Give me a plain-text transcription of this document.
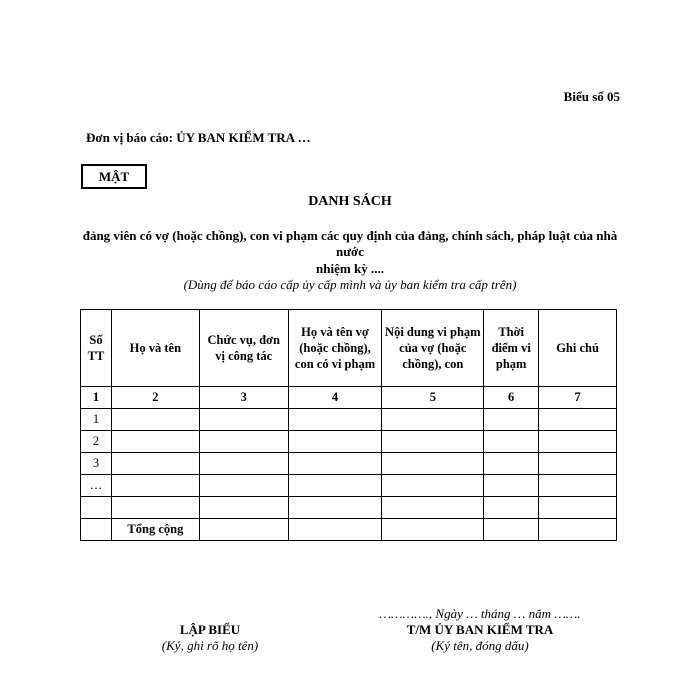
Biểu số 05
Đơn vị báo cáo: ỦY BAN KIỂM TRA …
MẬT
DANH SÁCH
đảng viên có vợ (hoặc chồng), con vi phạm các quy định của đảng, chính sách, pháp luật của nhà nước
nhiệm kỳ ....
(Dùng để báo cáo cấp ủy cấp mình và ủy ban kiểm tra cấp trên)
Số TT	Họ và tên	Chức vụ, đơn vị công tác	Họ và tên vợ (hoặc chồng), con có vi phạm	Nội dung vi phạm của vợ (hoặc chồng), con	Thời điểm vi phạm	Ghi chú
1	2	3	4	5	6	7
1						
2						
3						
…						

	Tổng cộng					
LẬP BIỂU
(Ký, ghi rõ họ tên)
…………., Ngày … tháng … năm …….
T/M ỦY BAN KIỂM TRA
(Ký tên, đóng dấu)
